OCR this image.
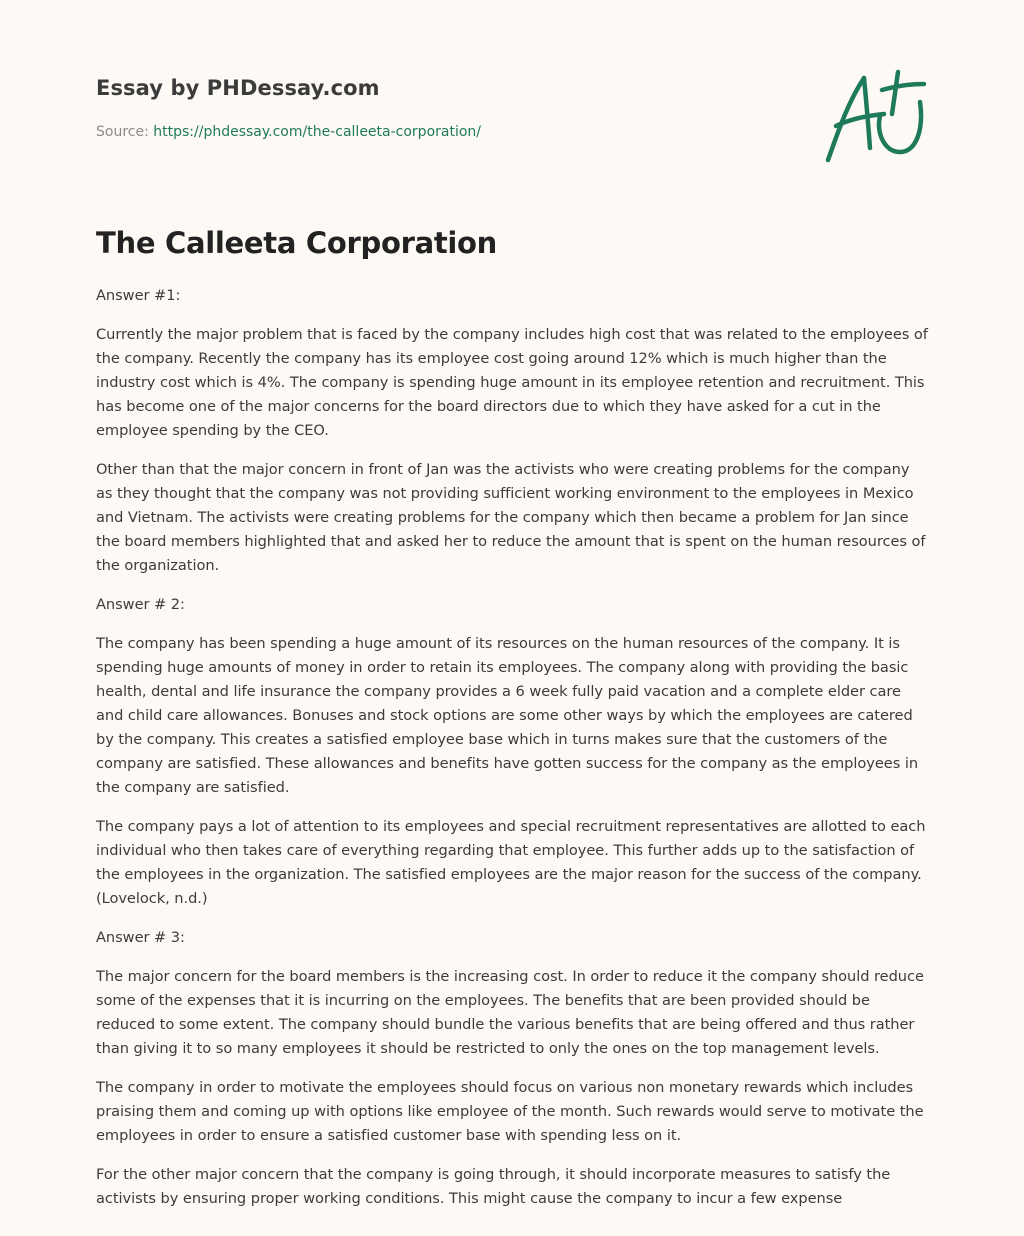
Essay by PHDessay.com
Source: https://phdessay.com/the-calleeta-corporation/
The Calleeta Corporation

Answer #1:

Currently the major problem that is faced by the company includes high cost that was related to the employees of the company. Recently the company has its employee cost going around 12% which is much higher than the industry cost which is 4%. The company is spending huge amount in its employee retention and recruitment. This has become one of the major concerns for the board directors due to which they have asked for a cut in the employee spending by the CEO.

Other than that the major concern in front of Jan was the activists who were creating problems for the company as they thought that the company was not providing sufficient working environment to the employees in Mexico and Vietnam. The activists were creating problems for the company which then became a problem for Jan since the board members highlighted that and asked her to reduce the amount that is spent on the human resources of the organization.

Answer # 2:

The company has been spending a huge amount of its resources on the human resources of the company. It is spending huge amounts of money in order to retain its employees. The company along with providing the basic health, dental and life insurance the company provides a 6 week fully paid vacation and a complete elder care and child care allowances. Bonuses and stock options are some other ways by which the employees are catered by the company. This creates a satisfied employee base which in turns makes sure that the customers of the company are satisfied. These allowances and benefits have gotten success for the company as the employees in the company are satisfied.

The company pays a lot of attention to its employees and special recruitment representatives are allotted to each individual who then takes care of everything regarding that employee. This further adds up to the satisfaction of the employees in the organization. The satisfied employees are the major reason for the success of the company. (Lovelock, n.d.)

Answer # 3:

The major concern for the board members is the increasing cost. In order to reduce it the company should reduce some of the expenses that it is incurring on the employees. The benefits that are been provided should be reduced to some extent. The company should bundle the various benefits that are being offered and thus rather than giving it to so many employees it should be restricted to only the ones on the top management levels.

The company in order to motivate the employees should focus on various non monetary rewards which includes praising them and coming up with options like employee of the month. Such rewards would serve to motivate the employees in order to ensure a satisfied customer base with spending less on it.

For the other major concern that the company is going through, it should incorporate measures to satisfy the activists by ensuring proper working conditions. This might cause the company to incur a few expense
